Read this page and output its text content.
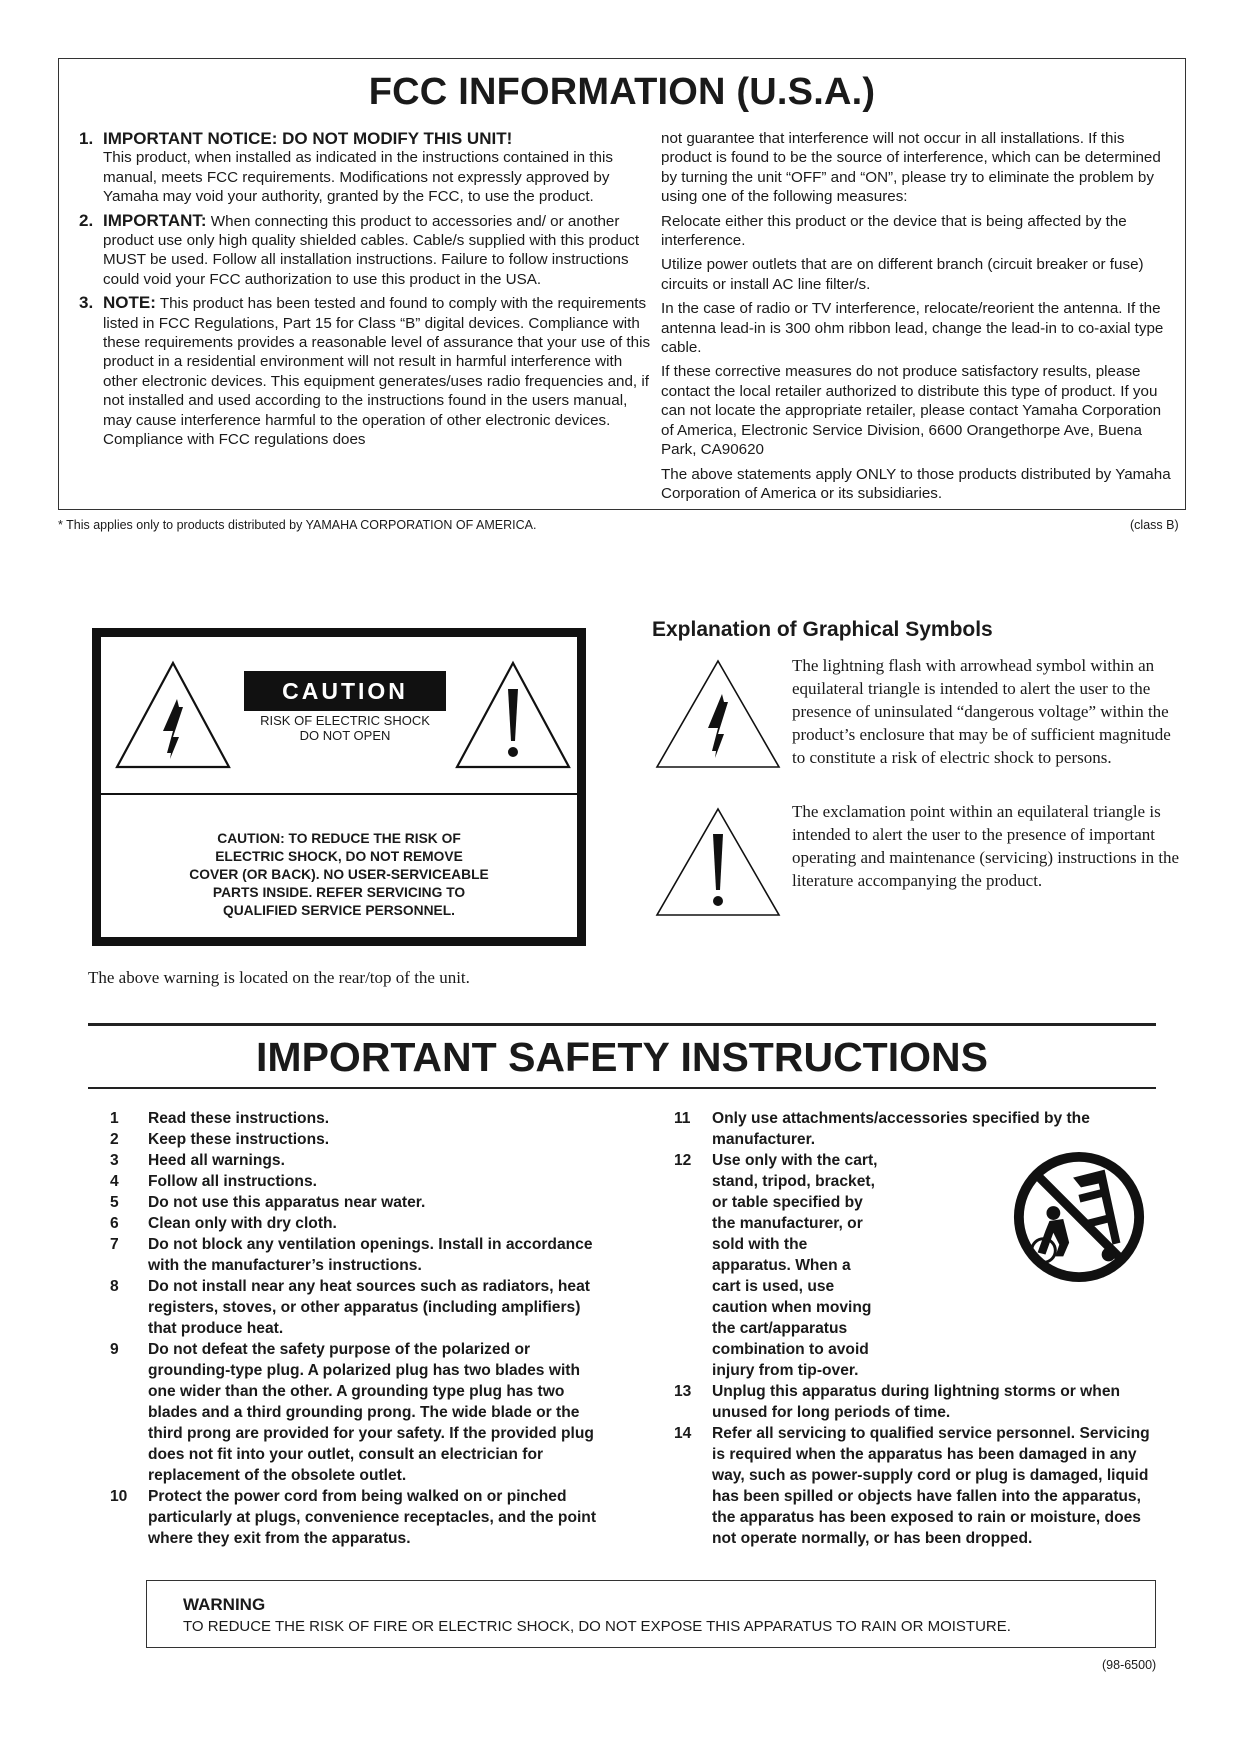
FCC INFORMATION (U.S.A.)
1. IMPORTANT NOTICE: DO NOT MODIFY THIS UNIT!
This product, when installed as indicated in the instructions contained in this manual, meets FCC requirements. Modifications not expressly approved by Yamaha may void your authority, granted by the FCC, to use the product.
2. IMPORTANT: When connecting this product to accessories and/ or another product use only high quality shielded cables. Cable/s supplied with this product MUST be used. Follow all installation instructions. Failure to follow instructions could void your FCC authorization to use this product in the USA.
3. NOTE: This product has been tested and found to comply with the requirements listed in FCC Regulations, Part 15 for Class “B” digital devices. Compliance with these requirements provides a reasonable level of assurance that your use of this product in a residential environment will not result in harmful interference with other electronic devices. This equipment generates/uses radio frequencies and, if not installed and used according to the instructions found in the users manual, may cause interference harmful to the operation of other electronic devices. Compliance with FCC regulations does

not guarantee that interference will not occur in all installations. If this product is found to be the source of interference, which can be determined by turning the unit “OFF” and “ON”, please try to eliminate the problem by using one of the following measures:

Relocate either this product or the device that is being affected by the interference.

Utilize power outlets that are on different branch (circuit breaker or fuse) circuits or install AC line filter/s.

In the case of radio or TV interference, relocate/reorient the antenna. If the antenna lead-in is 300 ohm ribbon lead, change the lead-in to co-axial type cable.

If these corrective measures do not produce satisfactory results, please contact the local retailer authorized to distribute this type of product. If you can not locate the appropriate retailer, please contact Yamaha Corporation of America, Electronic Service Division, 6600 Orangethorpe Ave, Buena Park, CA90620

The above statements apply ONLY to those products distributed by Yamaha Corporation of America or its subsidiaries.

* This applies only to products distributed by YAMAHA CORPORATION OF AMERICA.	(class B)
CAUTION
RISK OF ELECTRIC SHOCK
DO NOT OPEN
CAUTION: TO REDUCE THE RISK OF
ELECTRIC SHOCK, DO NOT REMOVE
COVER (OR BACK). NO USER-SERVICEABLE
PARTS INSIDE. REFER SERVICING TO
QUALIFIED SERVICE PERSONNEL.
The above warning is located on the rear/top of the unit.
Explanation of Graphical Symbols
The lightning flash with arrowhead symbol within an equilateral triangle is intended to alert the user to the presence of uninsulated “dangerous voltage” within the product’s enclosure that may be of sufficient magnitude to constitute a risk of electric shock to persons.
The exclamation point within an equilateral triangle is intended to alert the user to the presence of important operating and maintenance (servicing) instructions in the literature accompanying the product.
IMPORTANT SAFETY INSTRUCTIONS
1	Read these instructions.
2	Keep these instructions.
3	Heed all warnings.
4	Follow all instructions.
5	Do not use this apparatus near water.
6	Clean only with dry cloth.
7	Do not block any ventilation openings. Install in accordance with the manufacturer’s instructions.
8	Do not install near any heat sources such as radiators, heat registers, stoves, or other apparatus (including amplifiers) that produce heat.
9	Do not defeat the safety purpose of the polarized or grounding-type plug. A polarized plug has two blades with one wider than the other. A grounding type plug has two blades and a third grounding prong. The wide blade or the third prong are provided for your safety. If the provided plug does not fit into your outlet, consult an electrician for replacement of the obsolete outlet.
10	Protect the power cord from being walked on or pinched particularly at plugs, convenience receptacles, and the point where they exit from the apparatus.
11	Only use attachments/accessories specified by the manufacturer.
12	Use only with the cart, stand, tripod, bracket, or table specified by the manufacturer, or sold with the apparatus. When a cart is used, use caution when moving the cart/apparatus combination to avoid injury from tip-over.
13	Unplug this apparatus during lightning storms or when unused for long periods of time.
14	Refer all servicing to qualified service personnel. Servicing is required when the apparatus has been damaged in any way, such as power-supply cord or plug is damaged, liquid has been spilled or objects have fallen into the apparatus, the apparatus has been exposed to rain or moisture, does not operate normally, or has been dropped.
WARNING
TO REDUCE THE RISK OF FIRE OR ELECTRIC SHOCK, DO NOT EXPOSE THIS APPARATUS TO RAIN OR MOISTURE.
(98-6500)
